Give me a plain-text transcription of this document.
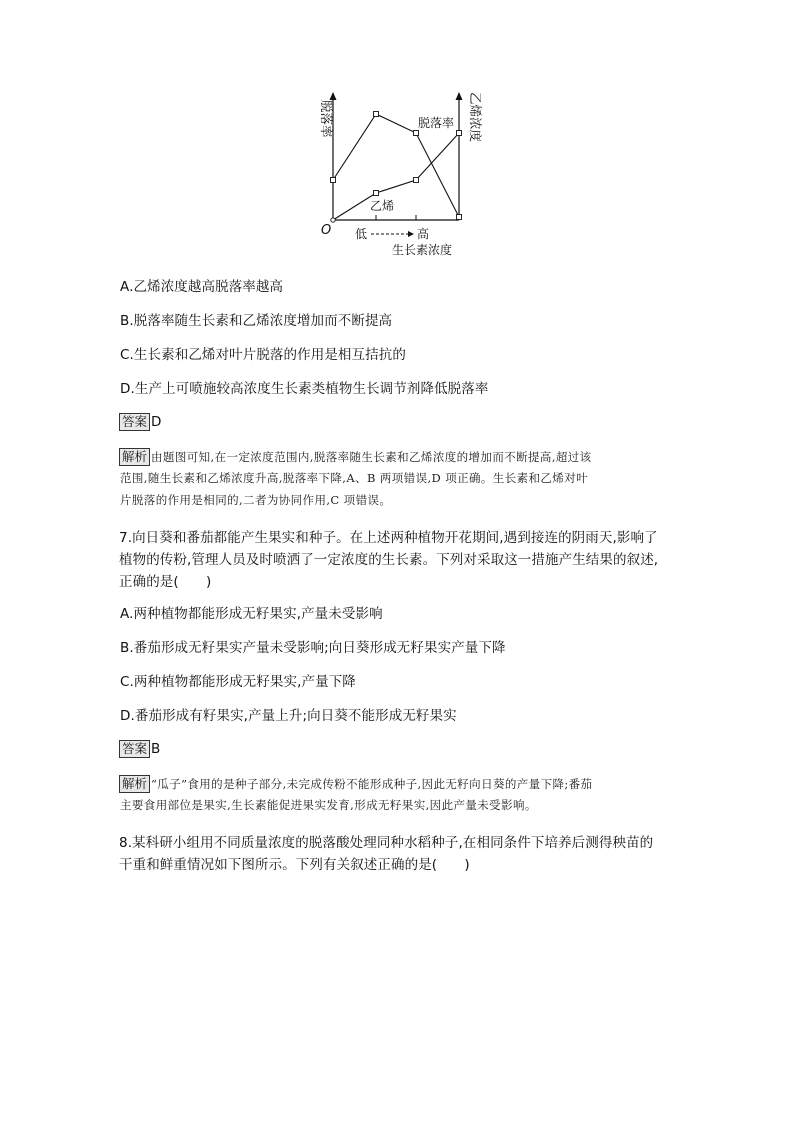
脱落率	乙烯浓度
脱落率
乙烯
O 低	高
生长素浓度
A.乙烯浓度越高脱落率越高
B.脱落率随生长素和乙烯浓度增加而不断提高
C.生长素和乙烯对叶片脱落的作用是相互拮抗的
D.生产上可喷施较高浓度生长素类植物生长调节剂降低脱落率
答案 D
解析 由题图可知,在一定浓度范围内,脱落率随生长素和乙烯浓度的增加而不断提高,超过该
范围,随生长素和乙烯浓度升高,脱落率下降,A、B 两项错误,D 项正确。生长素和乙烯对叶
片脱落的作用是相同的,二者为协同作用,C 项错误。
7.向日葵和番茄都能产生果实和种子。在上述两种植物开花期间,遇到接连的阴雨天,影响了
植物的传粉,管理人员及时喷洒了一定浓度的生长素。下列对采取这一措施产生结果的叙述,
正确的是(　　)
A.两种植物都能形成无籽果实,产量未受影响
B.番茄形成无籽果实产量未受影响;向日葵形成无籽果实产量下降
C.两种植物都能形成无籽果实,产量下降
D.番茄形成有籽果实,产量上升;向日葵不能形成无籽果实
答案 B
解析 “瓜子”食用的是种子部分,未完成传粉不能形成种子,因此无籽向日葵的产量下降;番茄
主要食用部位是果实,生长素能促进果实发育,形成无籽果实,因此产量未受影响。
8.某科研小组用不同质量浓度的脱落酸处理同种水稻种子,在相同条件下培养后测得秧苗的
干重和鲜重情况如下图所示。下列有关叙述正确的是(　　)
